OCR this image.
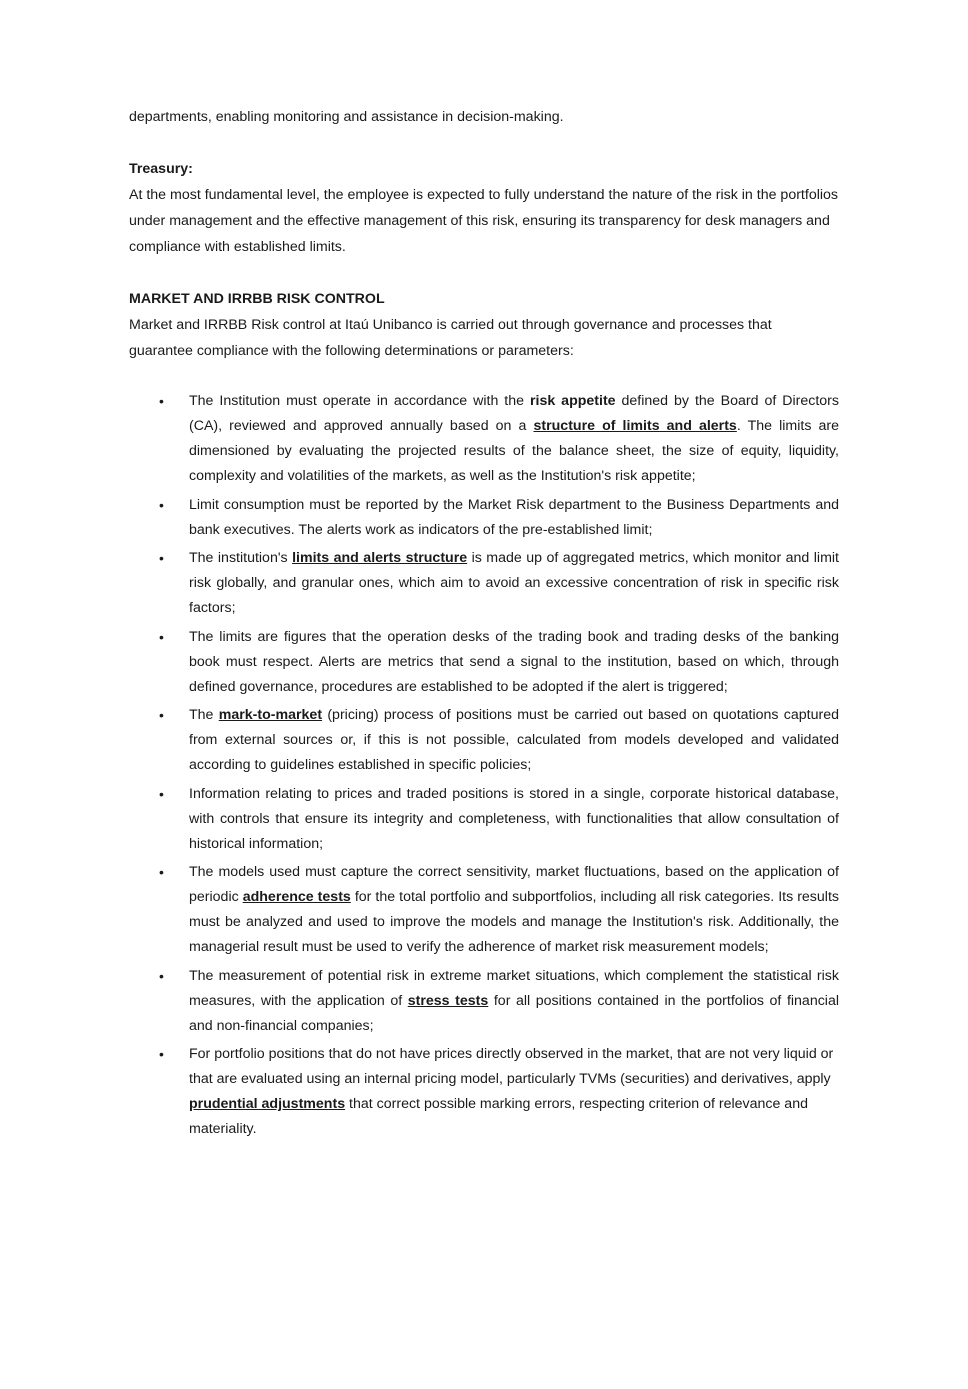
departments, enabling monitoring and assistance in decision-making.

Treasury:

At the most fundamental level, the employee is expected to fully understand the nature of the risk in the portfolios under management and the effective management of this risk, ensuring its transparency for desk managers and compliance with established limits.

MARKET AND IRRBB RISK CONTROL

Market and IRRBB Risk control at Itaú Unibanco is carried out through governance and processes that guarantee compliance with the following determinations or parameters:

•	The Institution must operate in accordance with the risk appetite defined by the Board of Directors (CA), reviewed and approved annually based on a structure of limits and alerts. The limits are dimensioned by evaluating the projected results of the balance sheet, the size of equity, liquidity, complexity and volatilities of the markets, as well as the Institution's risk appetite;
•	Limit consumption must be reported by the Market Risk department to the Business Departments and bank executives. The alerts work as indicators of the pre-established limit;
•	The institution's limits and alerts structure is made up of aggregated metrics, which monitor and limit risk globally, and granular ones, which aim to avoid an excessive concentration of risk in specific risk factors;
•	The limits are figures that the operation desks of the trading book and trading desks of the banking book must respect. Alerts are metrics that send a signal to the institution, based on which, through defined governance, procedures are established to be adopted if the alert is triggered;
•	The mark-to-market (pricing) process of positions must be carried out based on quotations captured from external sources or, if this is not possible, calculated from models developed and validated according to guidelines established in specific policies;
•	Information relating to prices and traded positions is stored in a single, corporate historical database, with controls that ensure its integrity and completeness, with functionalities that allow consultation of historical information;
•	The models used must capture the correct sensitivity, market fluctuations, based on the application of periodic adherence tests for the total portfolio and subportfolios, including all risk categories. Its results must be analyzed and used to improve the models and manage the Institution's risk. Additionally, the managerial result must be used to verify the adherence of market risk measurement models;
•	The measurement of potential risk in extreme market situations, which complement the statistical risk measures, with the application of stress tests for all positions contained in the portfolios of financial and non-financial companies;
•	For portfolio positions that do not have prices directly observed in the market, that are not very liquid or that are evaluated using an internal pricing model, particularly TVMs (securities) and derivatives, apply prudential adjustments that correct possible marking errors, respecting criterion of relevance and materiality.
